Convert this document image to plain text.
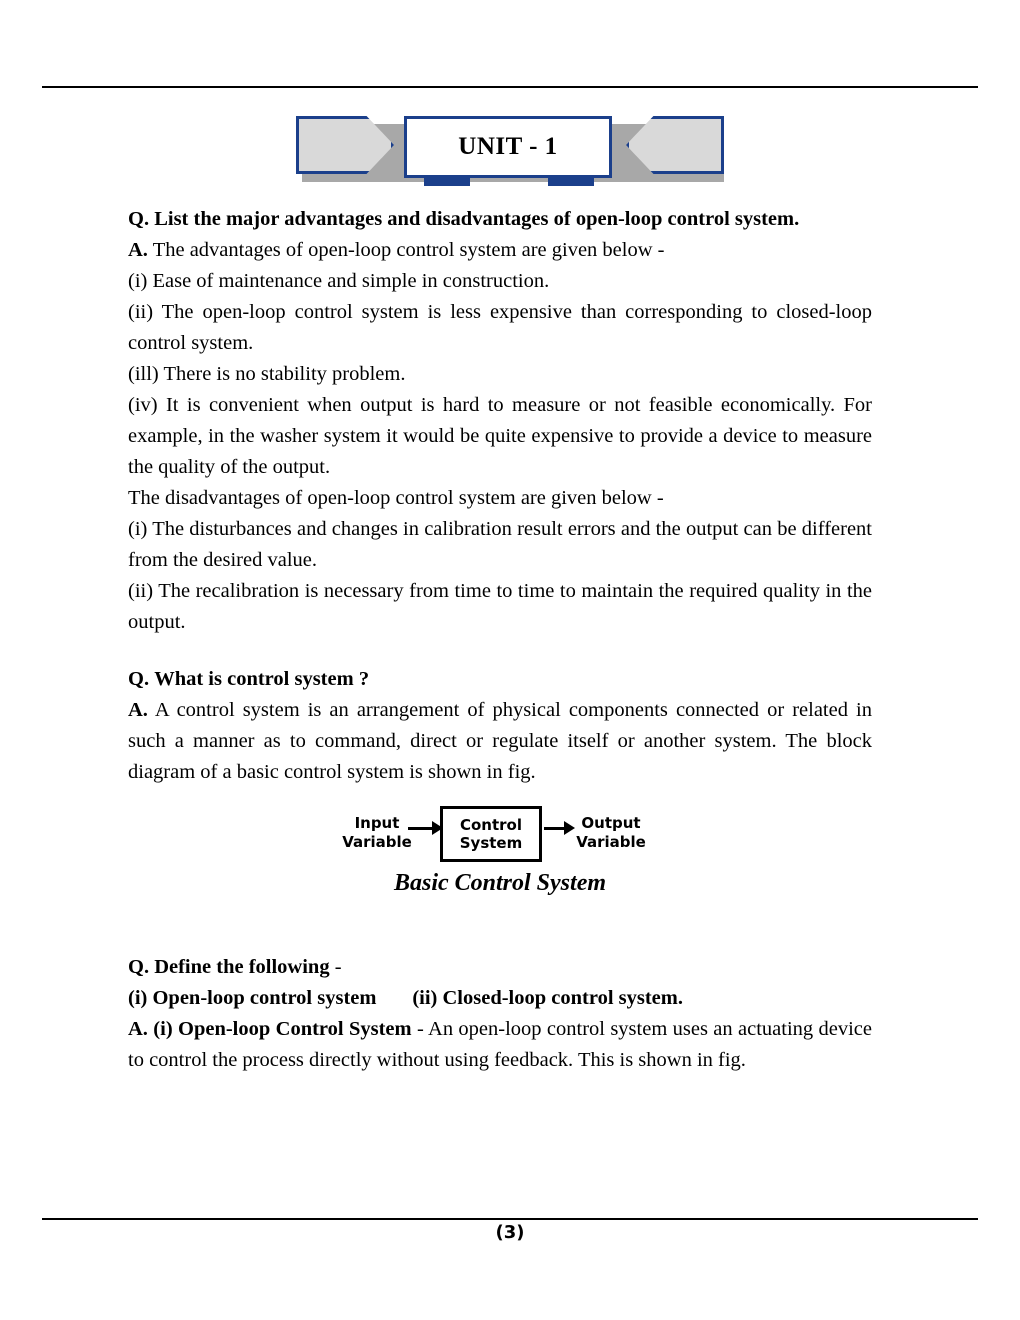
UNIT - 1

Q. List the major advantages and disadvantages of open-loop control system.

A. The advantages of open-loop control system are given below -

(i) Ease of maintenance and simple in construction.

(ii) The open-loop control system is less expensive than corresponding to closed-loop control system.

(ill) There is no stability problem.

(iv) It is convenient when output is hard to measure or not feasible economically. For example, in the washer system it would be quite expensive to provide a device to measure the quality of the output.

The disadvantages of open-loop control system are given below -

(i) The disturbances and changes in calibration result errors and the output can be different from the desired value.

(ii) The recalibration is necessary from time to time to maintain the required quality in the output.

Q. What is control system ?

A. A control system is an arrangement of physical components connected or related in such a manner as to command, direct or regulate itself or another system. The block diagram of a basic control system is shown in fig.

Input
Variable
Control
System
Output
Variable
Basic Control System

Q. Define the following -

(i) Open-loop control system (ii) Closed-loop control system.

A. (i) Open-loop Control System - An open-loop control system uses an actuating device to control the process directly without using feedback. This is shown in fig.

(3)
